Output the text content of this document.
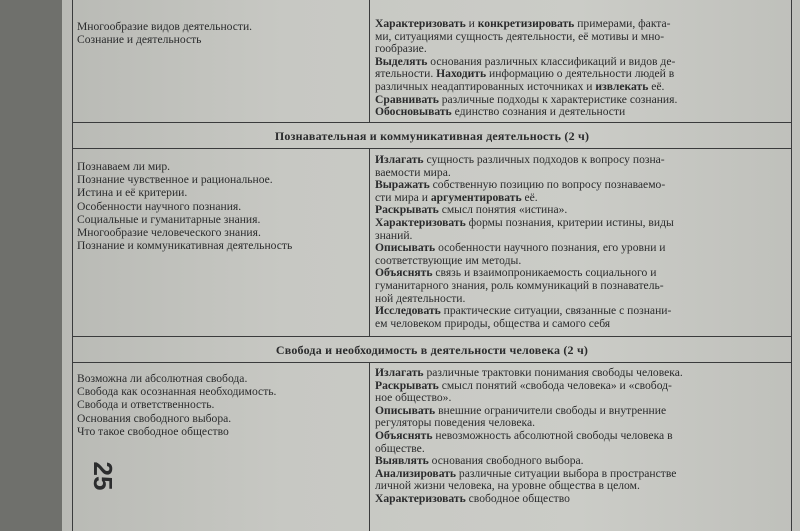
25
Многообразие видов деятельности.
Сознание и деятельность
Характеризовать и конкретизировать примерами, факта-
ми, ситуациями сущность деятельности, её мотивы и мно-
гообразие.
Выделять основания различных классификаций и видов де-
ятельности. Находить информацию о деятельности людей в
различных неадаптированных источниках и извлекать её.
Сравнивать различные подходы к характеристике сознания.
Обосновывать единство сознания и деятельности
Познавательная и коммуникативная деятельность (2 ч)
Познаваем ли мир.
Познание чувственное и рациональное.
Истина и её критерии.
Особенности научного познания.
Социальные и гуманитарные знания.
Многообразие человеческого знания.
Познание и коммуникативная деятельность
Излагать сущность различных подходов к вопросу позна-
ваемости мира.
Выражать собственную позицию по вопросу познаваемо-
сти мира и аргументировать её.
Раскрывать смысл понятия «истина».
Характеризовать формы познания, критерии истины, виды
знаний.
Описывать особенности научного познания, его уровни и
соответствующие им методы.
Объяснять связь и взаимопроникаемость социального и
гуманитарного знания, роль коммуникаций в познаватель-
ной деятельности.
Исследовать практические ситуации, связанные с познани-
ем человеком природы, общества и самого себя
Свобода и необходимость в деятельности человека (2 ч)
Возможна ли абсолютная свобода.
Свобода как осознанная необходимость.
Свобода и ответственность.
Основания свободного выбора.
Что такое свободное общество
Излагать различные трактовки понимания свободы человека.
Раскрывать смысл понятий «свобода человека» и «свобод-
ное общество».
Описывать внешние ограничители свободы и внутренние
регуляторы поведения человека.
Объяснять невозможность абсолютной свободы человека в
обществе.
Выявлять основания свободного выбора.
Анализировать различные ситуации выбора в пространстве
личной жизни человека, на уровне общества в целом.
Характеризовать свободное общество
